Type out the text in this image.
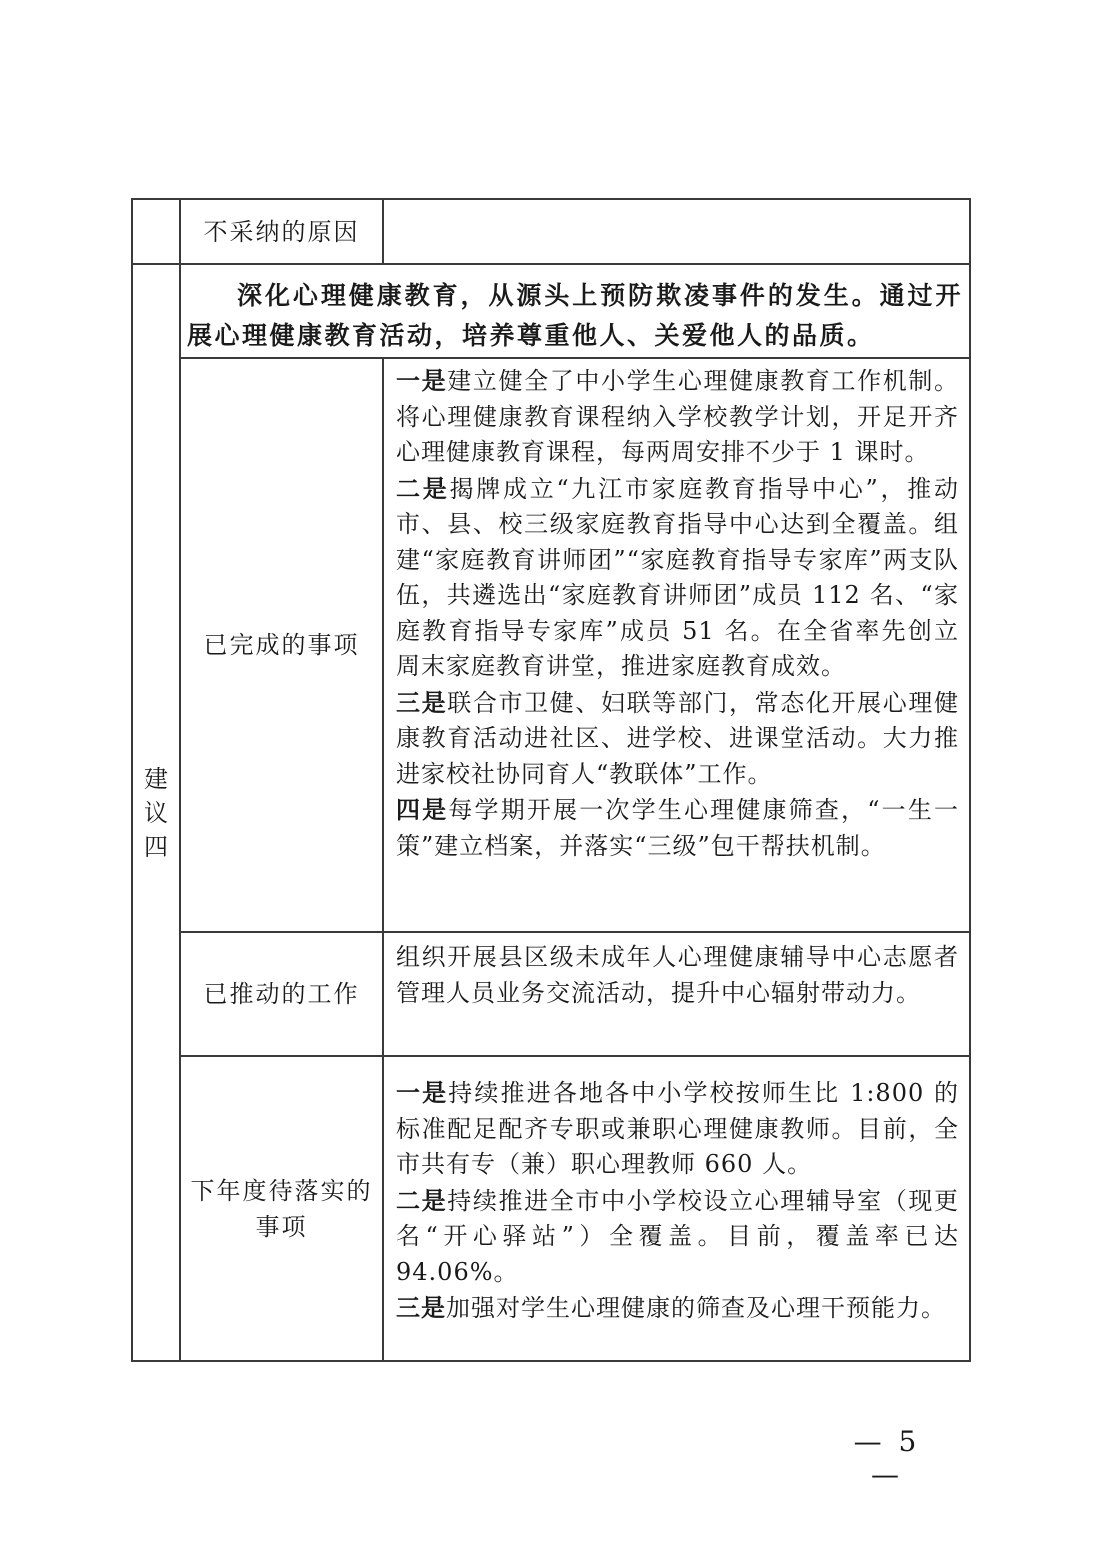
不采纳的原因
建议四
深化心理健康教育，从源头上预防欺凌事件的发生。通过开展心理健康教育活动，培养尊重他人、关爱他人的品质。
已完成的事项

一是建立健全了中小学生心理健康教育工作机制。将心理健康教育课程纳入学校教学计划，开足开齐心理健康教育课程，每两周安排不少于 1 课时。

二是揭牌成立“九江市家庭教育指导中心”，推动市、县、校三级家庭教育指导中心达到全覆盖。组建“家庭教育讲师团”“家庭教育指导专家库”两支队伍，共遴选出“家庭教育讲师团”成员 112 名、“家庭教育指导专家库”成员 51 名。在全省率先创立周末家庭教育讲堂，推进家庭教育成效。

三是联合市卫健、妇联等部门，常态化开展心理健康教育活动进社区、进学校、进课堂活动。大力推进家校社协同育人“教联体”工作。

四是每学期开展一次学生心理健康筛查，“一生一策”建立档案，并落实“三级”包干帮扶机制。

已推动的工作

组织开展县区级未成年人心理健康辅导中心志愿者管理人员业务交流活动，提升中心辐射带动力。

下年度待落实的
事项

一是持续推进各地各中小学校按师生比 1:800 的标准配足配齐专职或兼职心理健康教师。目前，全市共有专（兼）职心理教师 660 人。

二是持续推进全市中小学校设立心理辅导室（现更名“开心驿站”）全覆盖。目前，覆盖率已达 94.06%。

三是加强对学生心理健康的筛查及心理干预能力。

— 5 —
